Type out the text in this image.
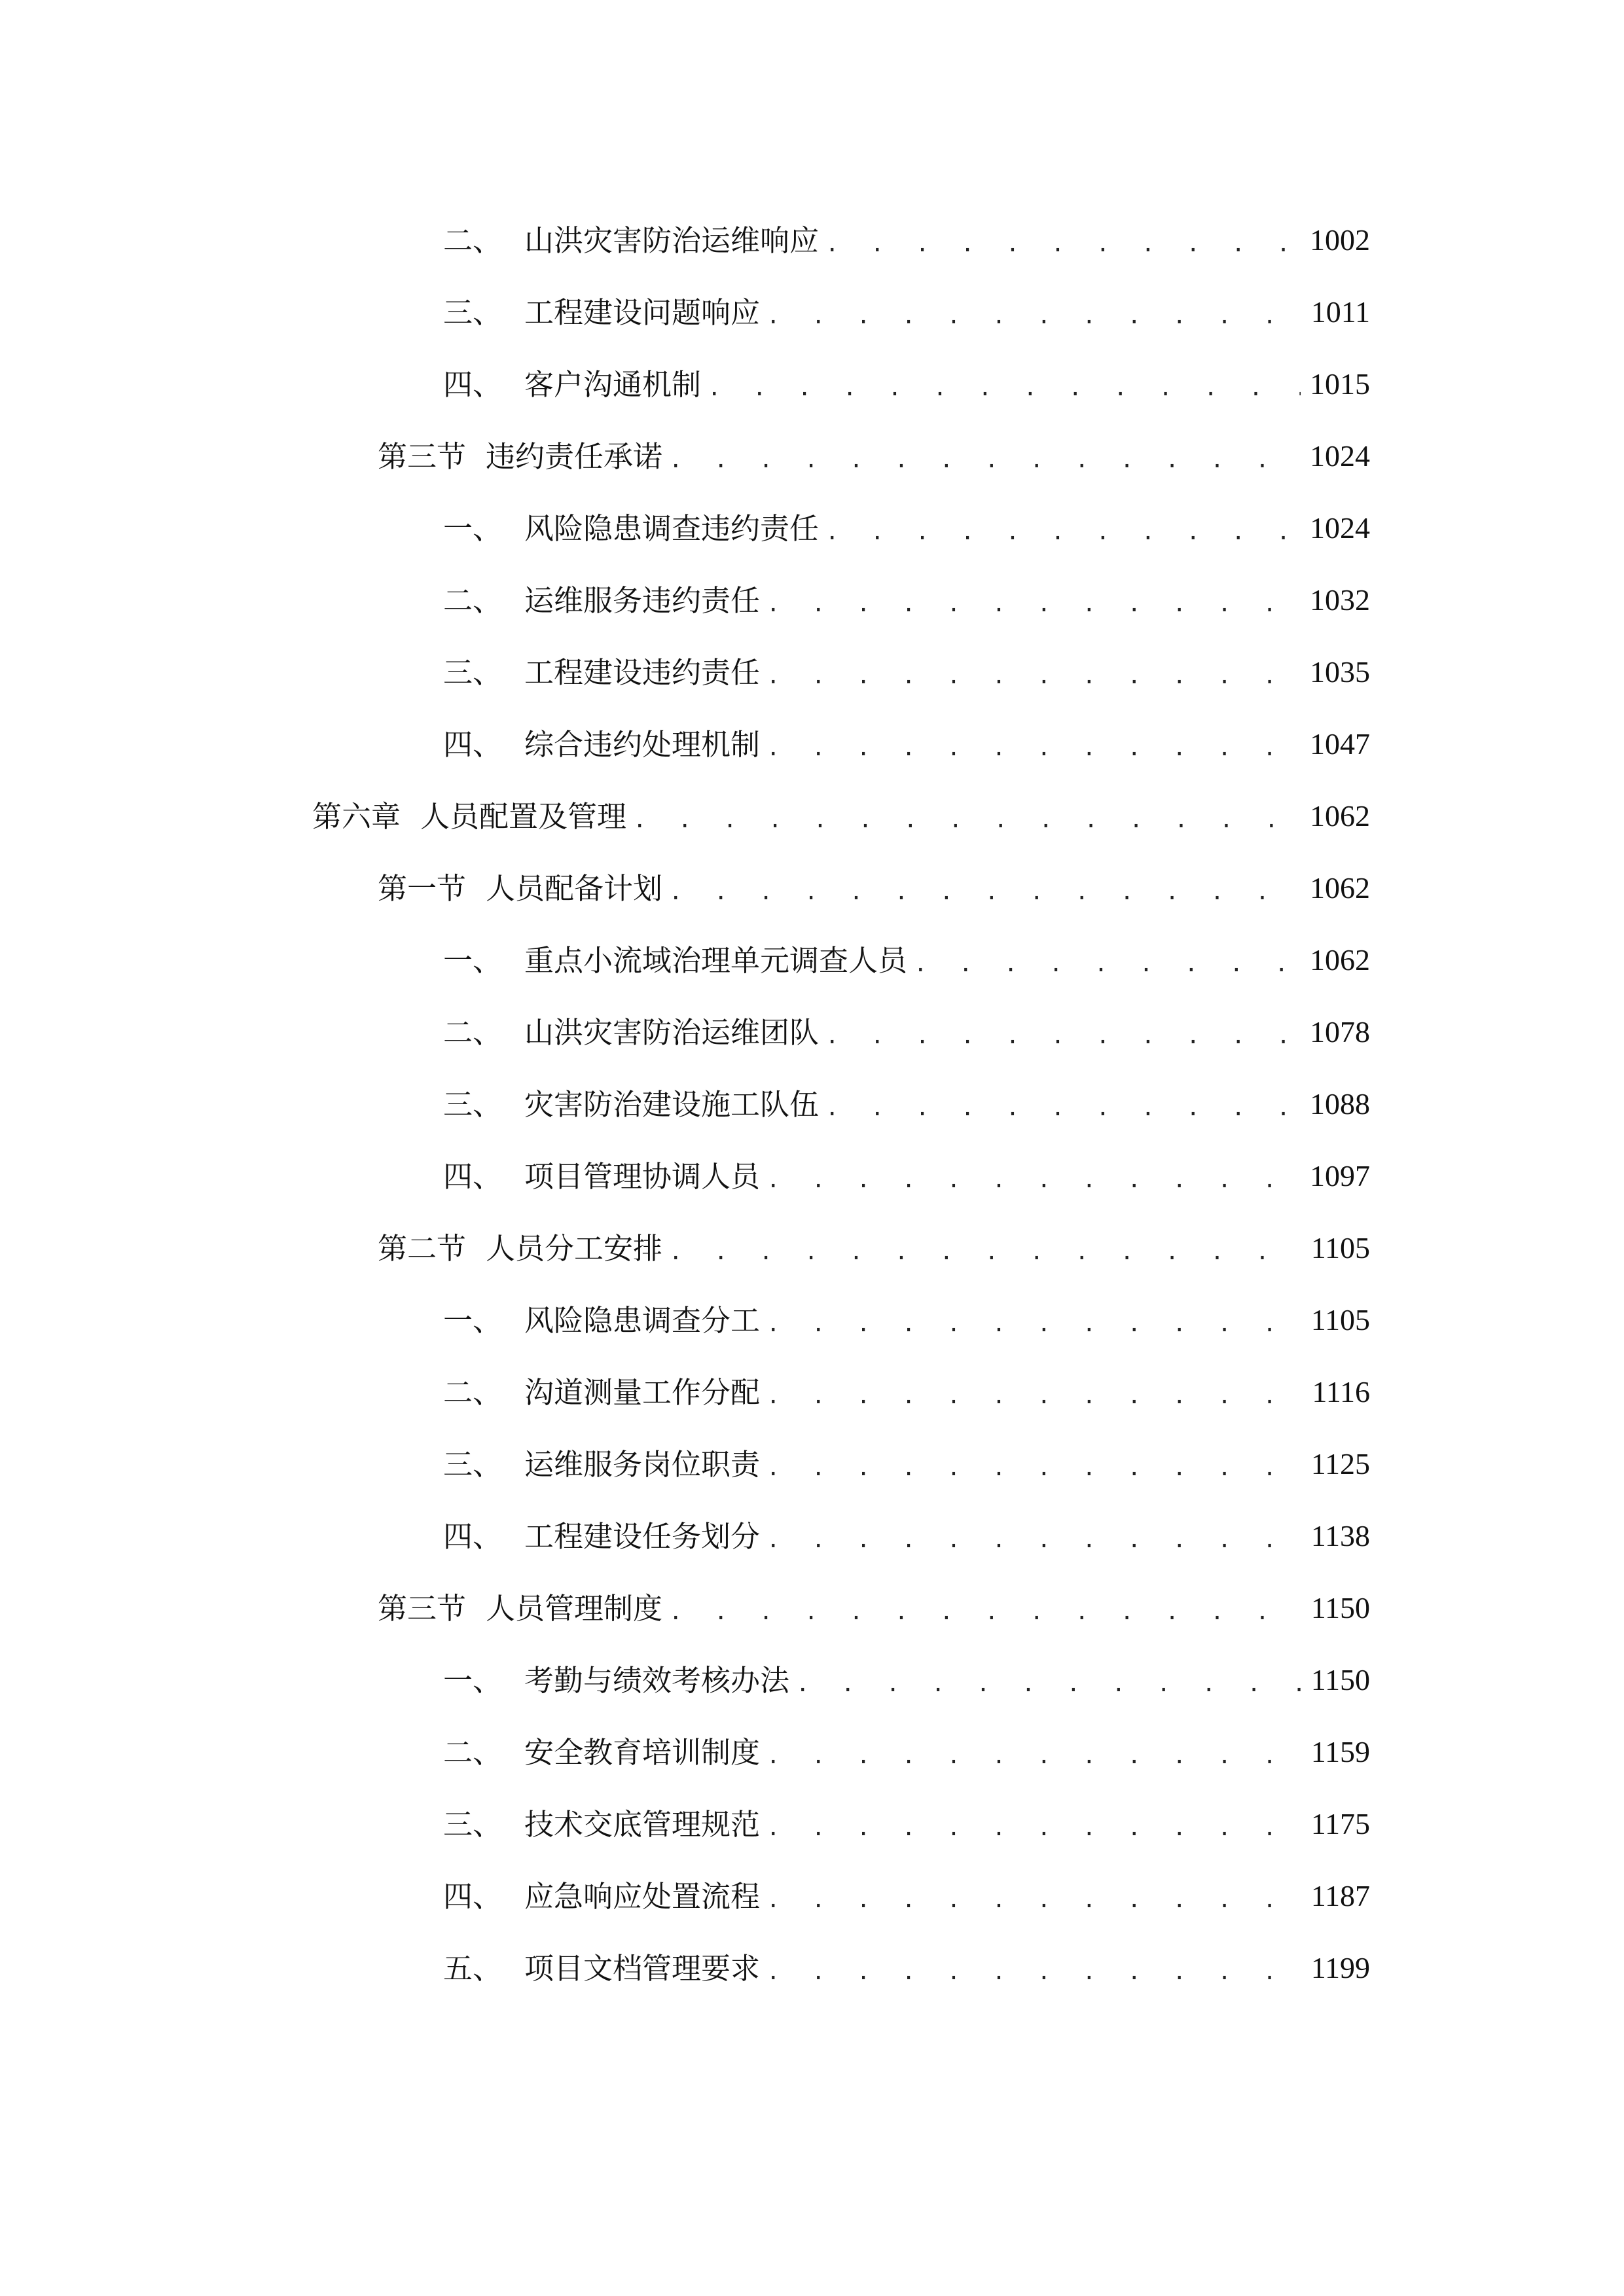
二、 山洪灾害防治运维响应 . . .	1002
三、 工程建设问题响应 . . .	1011
四、 客户沟通机制 . . .	1015
第三节 违约责任承诺 . . .	1024
一、 风险隐患调查违约责任 . . .	1024
二、 运维服务违约责任 . . .	1032
三、 工程建设违约责任 . . .	1035
四、 综合违约处理机制 . . .	1047
第六章 人员配置及管理 . . .	1062
第一节 人员配备计划 . . .	1062
一、 重点小流域治理单元调查人员 . . .	1062
二、 山洪灾害防治运维团队 . . .	1078
三、 灾害防治建设施工队伍 . . .	1088
四、 项目管理协调人员 . . .	1097
第二节 人员分工安排 . . .	1105
一、 风险隐患调查分工 . . .	1105
二、 沟道测量工作分配 . . .	1116
三、 运维服务岗位职责 . . .	1125
四、 工程建设任务划分 . . .	1138
第三节 人员管理制度 . . .	1150
一、 考勤与绩效考核办法 . . .	1150
二、 安全教育培训制度 . . .	1159
三、 技术交底管理规范 . . .	1175
四、 应急响应处置流程 . . .	1187
五、 项目文档管理要求 . . .	1199
